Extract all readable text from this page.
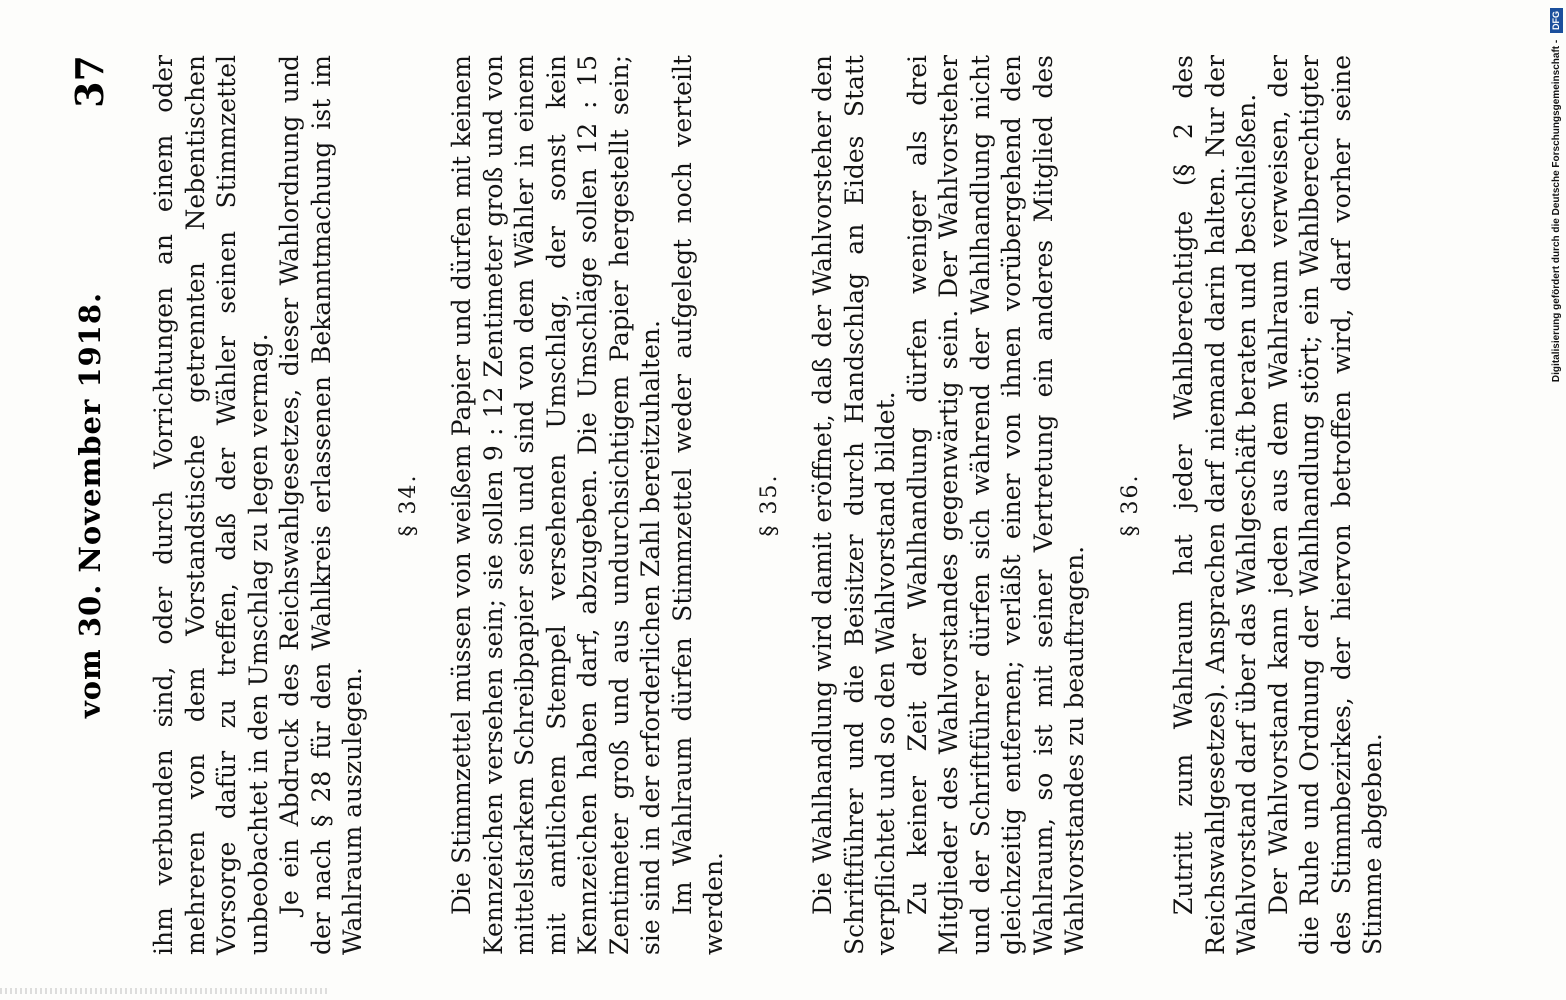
vom 30. November 1918.
37 ihm verbunden sind, oder durch Vorrichtungen an einem oder mehreren von dem Vorstandstische getrennten Nebentischen Vorsorge dafür zu treffen, daß der Wähler seinen Stimmzettel unbeobachtet in den Umschlag zu legen vermag. Je ein Abdruck des Reichswahlgesetzes, dieser Wahlordnung und der nach § 28 für den Wahlkreis erlassenen Bekanntmachung ist im Wahlraum auszulegen.

§ 34. Die Stimmzettel müssen von weißem Papier und dürfen mit keinem Kennzeichen versehen sein; sie sollen 9 : 12 Zentimeter groß und von mittelstarkem Schreibpapier sein und sind von dem Wähler in einem mit amtlichem Stempel versehenen Umschlag, der sonst kein Kennzeichen haben darf, abzugeben. Die Umschläge sollen 12 : 15 Zentimeter groß und aus undurchsichtigem Papier hergestellt sein; sie sind in der erforderlichen Zahl bereitzuhalten. Im Wahlraum dürfen Stimmzettel weder aufgelegt noch verteilt werden.

§ 35. Die Wahlhandlung wird damit eröffnet, daß der Wahlvorsteher den Schriftführer und die Beisitzer durch Handschlag an Eides Statt verpflichtet und so den Wahlvorstand bildet. Zu keiner Zeit der Wahlhandlung dürfen weniger als drei Mitglieder des Wahlvorstandes gegenwärtig sein. Der Wahlvorsteher und der Schriftführer dürfen sich während der Wahlhandlung nicht gleichzeitig entfernen; verläßt einer von ihnen vorübergehend den Wahlraum, so ist mit seiner Vertretung ein anderes Mitglied des Wahlvorstandes zu beauftragen.

§ 36. Zutritt zum Wahlraum hat jeder Wahlberechtigte (§ 2 des Reichswahlgesetzes). Ansprachen darf niemand darin halten. Nur der Wahlvorstand darf über das Wahlgeschäft beraten und beschließen. Der Wahlvorstand kann jeden aus dem Wahlraum verweisen, der die Ruhe und Ordnung der Wahlhandlung stört; ein Wahlberechtigter des Stimmbezirkes, der hiervon betroffen wird, darf vorher seine Stimme abgeben.

Digitalisierung gefördert durch die Deutsche Forschungsgemeinschaft - DFG
